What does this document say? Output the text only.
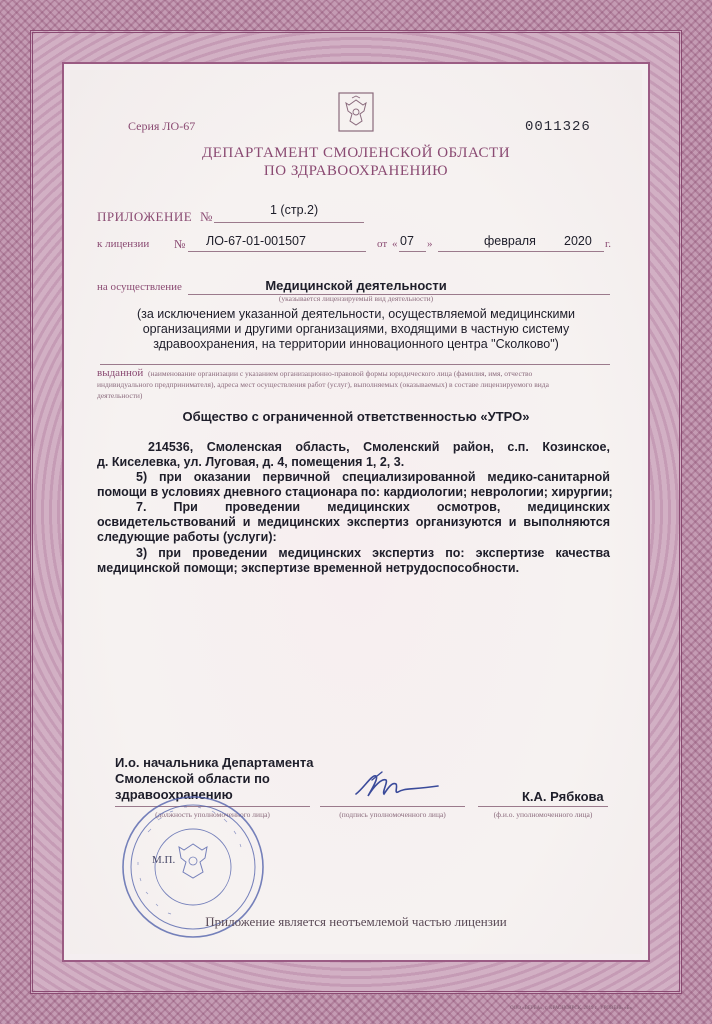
Серия ЛО-67	0011326
ДЕПАРТАМЕНТ СМОЛЕНСКОЙ ОБЛАСТИ
ПО ЗДРАВООХРАНЕНИЮ
ПРИЛОЖЕНИЕ №	1 (стр.2)
к лицензии № ЛО-67-01-001507	от « 07 »	февраля 2020 г.
на осуществление	Медицинской деятельности
(указывается лицензируемый вид деятельности)
(за исключением указанной деятельности, осуществляемой медицинскими
организациями и другими организациями, входящими в частную систему
здравоохранения, на территории инновационного центра "Сколково")
выданной (наименование организации с указанием организационно-правовой формы юридического лица (фамилия, имя, отчество
индивидуального предпринимателя), адреса мест осуществления работ (услуг), выполняемых (оказываемых) в составе лицензируемого вида
деятельности)
Общество с ограниченной ответственностью «УТРО»
214536, Смоленская область, Смоленский район, с.п. Козинское,
д. Киселевка, ул. Луговая, д. 4, помещения 1, 2, 3.
5) при оказании первичной специализированной медико-санитарной
помощи в условиях дневного стационара по: кардиологии; неврологии; хирургии;
7. При проведении медицинских осмотров, медицинских
освидетельствований и медицинских экспертиз организуются и выполняются
следующие работы (услуги):
3) при проведении медицинских экспертиз по: экспертизе качества
медицинской помощи; экспертизе временной нетрудоспособности.
И.о. начальника Департамента
Смоленской области по
здравоохранению
(должность уполномоченного лица)	(подпись уполномоченного лица)
К.А. Рябкова
(ф.и.о. уполномоченного лица)
М.П.
Приложение является неотъемлемой частью лицензии
ООО «ВЕРБА», г. КРАСНОЯРСК, 2019 г., УРОВЕНЬ «Б»
